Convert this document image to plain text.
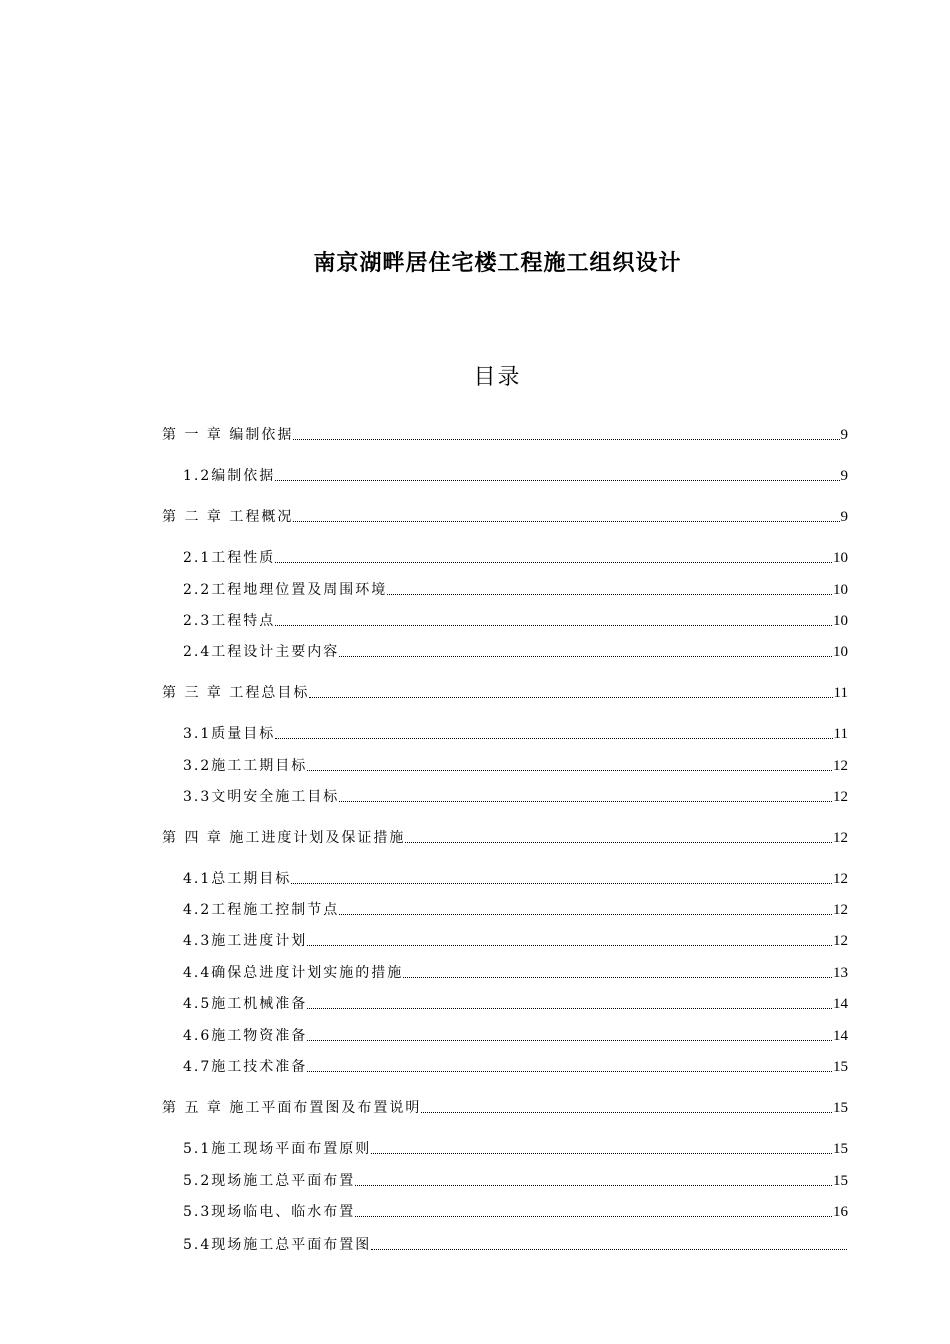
南京湖畔居住宅楼工程施工组织设计
目录
第 一 章 编制依据	9
1.2编制依据	9
第 二 章 工程概况	9
2.1工程性质	10
2.2工程地理位置及周围环境	10
2.3工程特点	10
2.4工程设计主要内容	10
第 三 章 工程总目标	11
3.1质量目标	11
3.2施工工期目标	12
3.3文明安全施工目标	12
第 四 章 施工进度计划及保证措施	12
4.1总工期目标	12
4.2工程施工控制节点	12
4.3施工进度计划	12
4.4确保总进度计划实施的措施	13
4.5施工机械准备	14
4.6施工物资准备	14
4.7施工技术准备	15
第 五 章 施工平面布置图及布置说明	15
5.1施工现场平面布置原则	15
5.2现场施工总平面布置	15
5.3现场临电、临水布置	16
5.4现场施工总平面布置图
